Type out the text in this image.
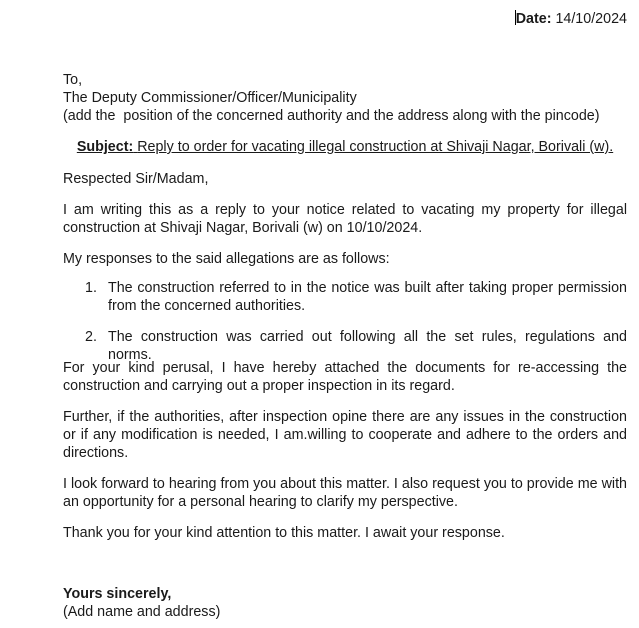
Date: 14/10/2024
To,
The Deputy Commissioner/Officer/Municipality
(add the  position of the concerned authority and the address along with the pincode)
Subject: Reply to order for vacating illegal construction at Shivaji Nagar, Borivali (w).
Respected Sir/Madam,
I am writing this as a reply to your notice related to vacating my property for illegal construction at Shivaji Nagar, Borivali (w) on 10/10/2024.
My responses to the said allegations are as follows:
1. The construction referred to in the notice was built after taking proper permission from the concerned authorities.
2. The construction was carried out following all the set rules, regulations and norms.
For your kind perusal, I have hereby attached the documents for re-accessing the construction and carrying out a proper inspection in its regard.
Further, if the authorities, after inspection opine there are any issues in the construction or if any modification is needed, I am.willing to cooperate and adhere to the orders and directions.
I look forward to hearing from you about this matter. I also request you to provide me with an opportunity for a personal hearing to clarify my perspective.
Thank you for your kind attention to this matter. I await your response.
Yours sincerely,
(Add name and address)
